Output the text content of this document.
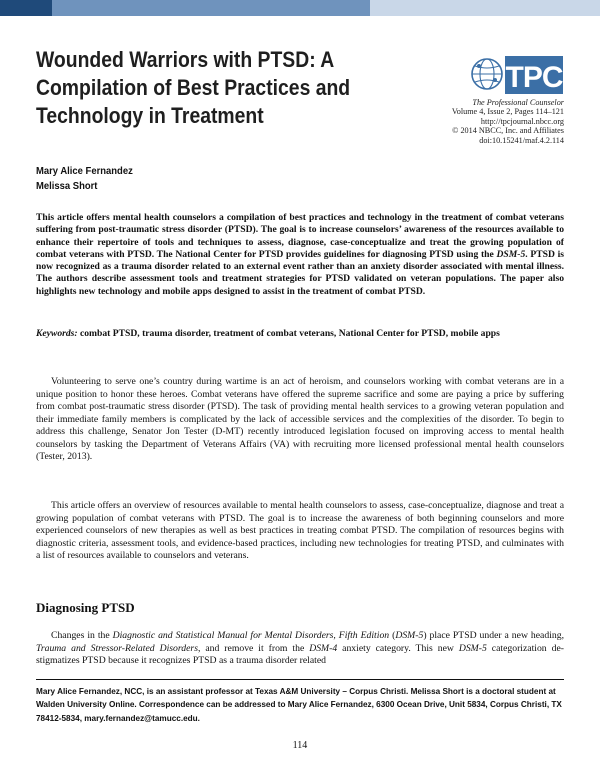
Wounded Warriors with PTSD: A Compilation of Best Practices and Technology in Treatment
TPC
The Professional Counselor
Volume 4, Issue 2, Pages 114–121
http://tpcjournal.nbcc.org
© 2014 NBCC, Inc. and Affiliates
doi:10.15241/maf.4.2.114
Mary Alice Fernandez
Melissa Short

This article offers mental health counselors a compilation of best practices and technology in the treatment of combat veterans suffering from post-traumatic stress disorder (PTSD). The goal is to increase counselors’ awareness of the resources available to enhance their repertoire of tools and techniques to assess, diagnose, case-conceptualize and treat the growing population of combat veterans with PTSD. The National Center for PTSD provides guidelines for diagnosing PTSD using the DSM-5. PTSD is now recognized as a trauma disorder related to an external event rather than an anxiety disorder associated with mental illness. The authors describe assessment tools and treatment strategies for PTSD validated on veteran populations. The paper also highlights new technology and mobile apps designed to assist in the treatment of combat PTSD.

Keywords: combat PTSD, trauma disorder, treatment of combat veterans, National Center for PTSD, mobile apps

Volunteering to serve one’s country during wartime is an act of heroism, and counselors working with combat veterans are in a unique position to honor these heroes. Combat veterans have offered the supreme sacrifice and some are paying a price by suffering from combat post-traumatic stress disorder (PTSD). The task of providing mental health services to a growing veteran population and their immediate family members is complicated by the lack of accessible services and the complexities of the disorder. To begin to address this challenge, Senator Jon Tester (D-MT) recently introduced legislation focused on improving access to mental health counselors by tasking the Department of Veterans Affairs (VA) with recruiting more licensed professional mental health counselors (Tester, 2013).

This article offers an overview of resources available to mental health counselors to assess, case-conceptualize, diagnose and treat a growing population of combat veterans with PTSD. The goal is to increase the awareness of both beginning counselors and more experienced counselors of new therapies as well as best practices in treating combat PTSD. The compilation of resources begins with diagnostic criteria, assessment tools, and evidence-based practices, including new technologies for treating PTSD, and culminates with a list of resources available to counselors and veterans.

Diagnosing PTSD

Changes in the Diagnostic and Statistical Manual for Mental Disorders, Fifth Edition (DSM-5) place PTSD under a new heading, Trauma and Stressor-Related Disorders, and remove it from the DSM-4 anxiety category. This new DSM-5 categorization de-stigmatizes PTSD because it recognizes PTSD as a trauma disorder related

Mary Alice Fernandez, NCC, is an assistant professor at Texas A&M University – Corpus Christi. Melissa Short is a doctoral student at Walden University Online. Correspondence can be addressed to Mary Alice Fernandez, 6300 Ocean Drive, Unit 5834, Corpus Christi, TX 78412-5834, mary.fernandez@tamucc.edu.

114
